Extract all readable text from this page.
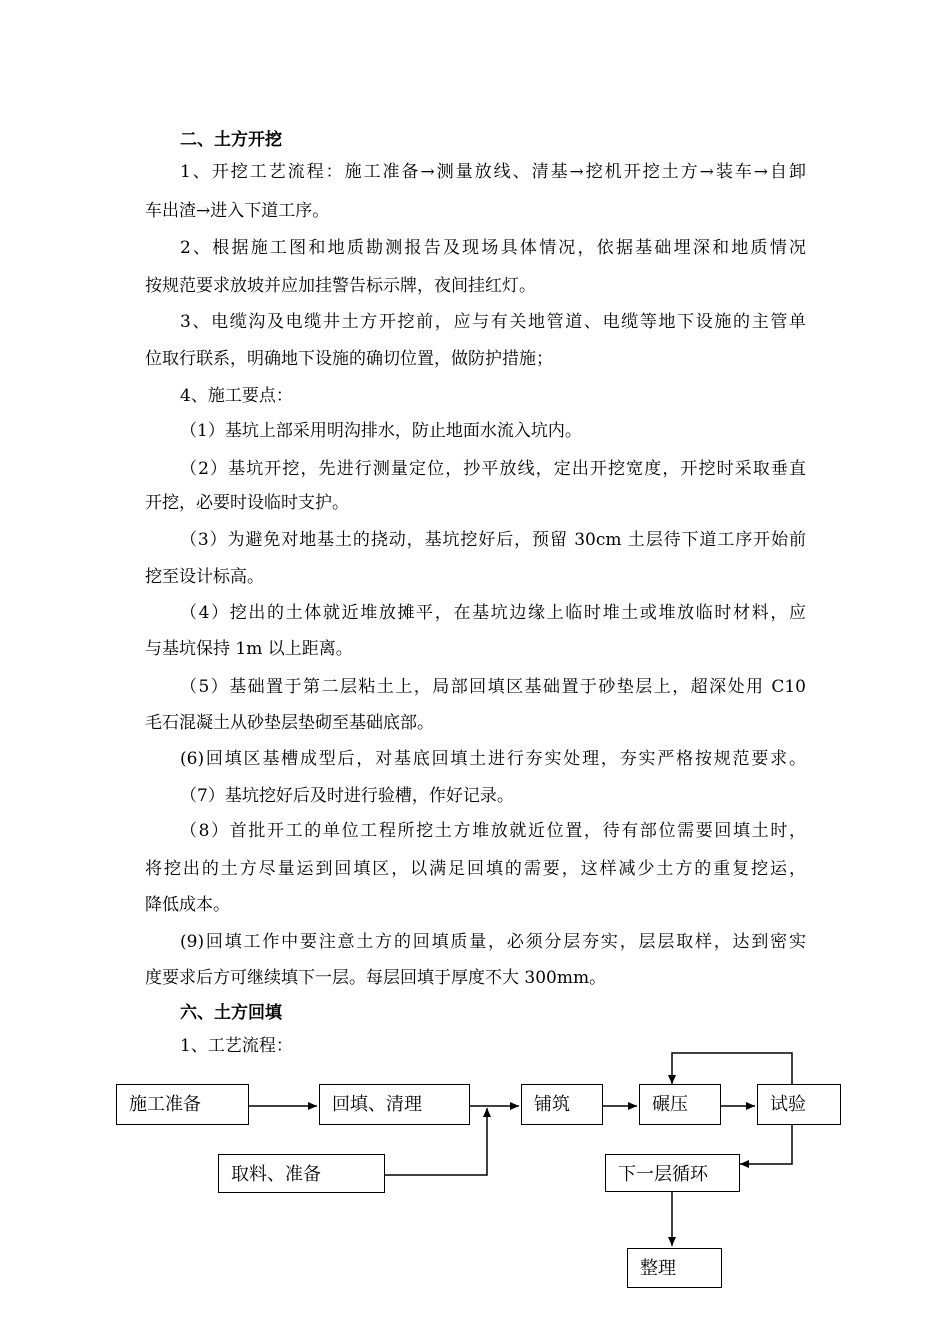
二、土方开挖
1、开挖工艺流程：施工准备→测量放线、清基→挖机开挖土方→装车→自卸
车出渣→进入下道工序。
2、根据施工图和地质勘测报告及现场具体情况，依据基础埋深和地质情况
按规范要求放坡并应加挂警告标示牌，夜间挂红灯。
3、电缆沟及电缆井土方开挖前，应与有关地管道、电缆等地下设施的主管单
位取行联系，明确地下设施的确切位置，做防护措施；
4、施工要点：
（1）基坑上部采用明沟排水，防止地面水流入坑内。
（2）基坑开挖，先进行测量定位，抄平放线，定出开挖宽度，开挖时采取垂直
开挖，必要时设临时支护。
（3）为避免对地基土的挠动，基坑挖好后，预留 30cm 土层待下道工序开始前
挖至设计标高。
（4）挖出的土体就近堆放摊平，在基坑边缘上临时堆土或堆放临时材料，应
与基坑保持 1m 以上距离。
（5）基础置于第二层粘土上，局部回填区基础置于砂垫层上，超深处用 C10
毛石混凝土从砂垫层垫砌至基础底部。
(6)回填区基槽成型后，对基底回填土进行夯实处理，夯实严格按规范要求。
（7）基坑挖好后及时进行验槽，作好记录。
（8）首批开工的单位工程所挖土方堆放就近位置，待有部位需要回填土时，
将挖出的土方尽量运到回填区，以满足回填的需要，这样减少土方的重复挖运，
降低成本。
(9)回填工作中要注意土方的回填质量，必须分层夯实，层层取样，达到密实
度要求后方可继续填下一层。每层回填于厚度不大 300mm。
六、土方回填
1、工艺流程：
施工准备	回填、清理	铺筑	碾压	试验
取料、准备	下一层循环
整理
